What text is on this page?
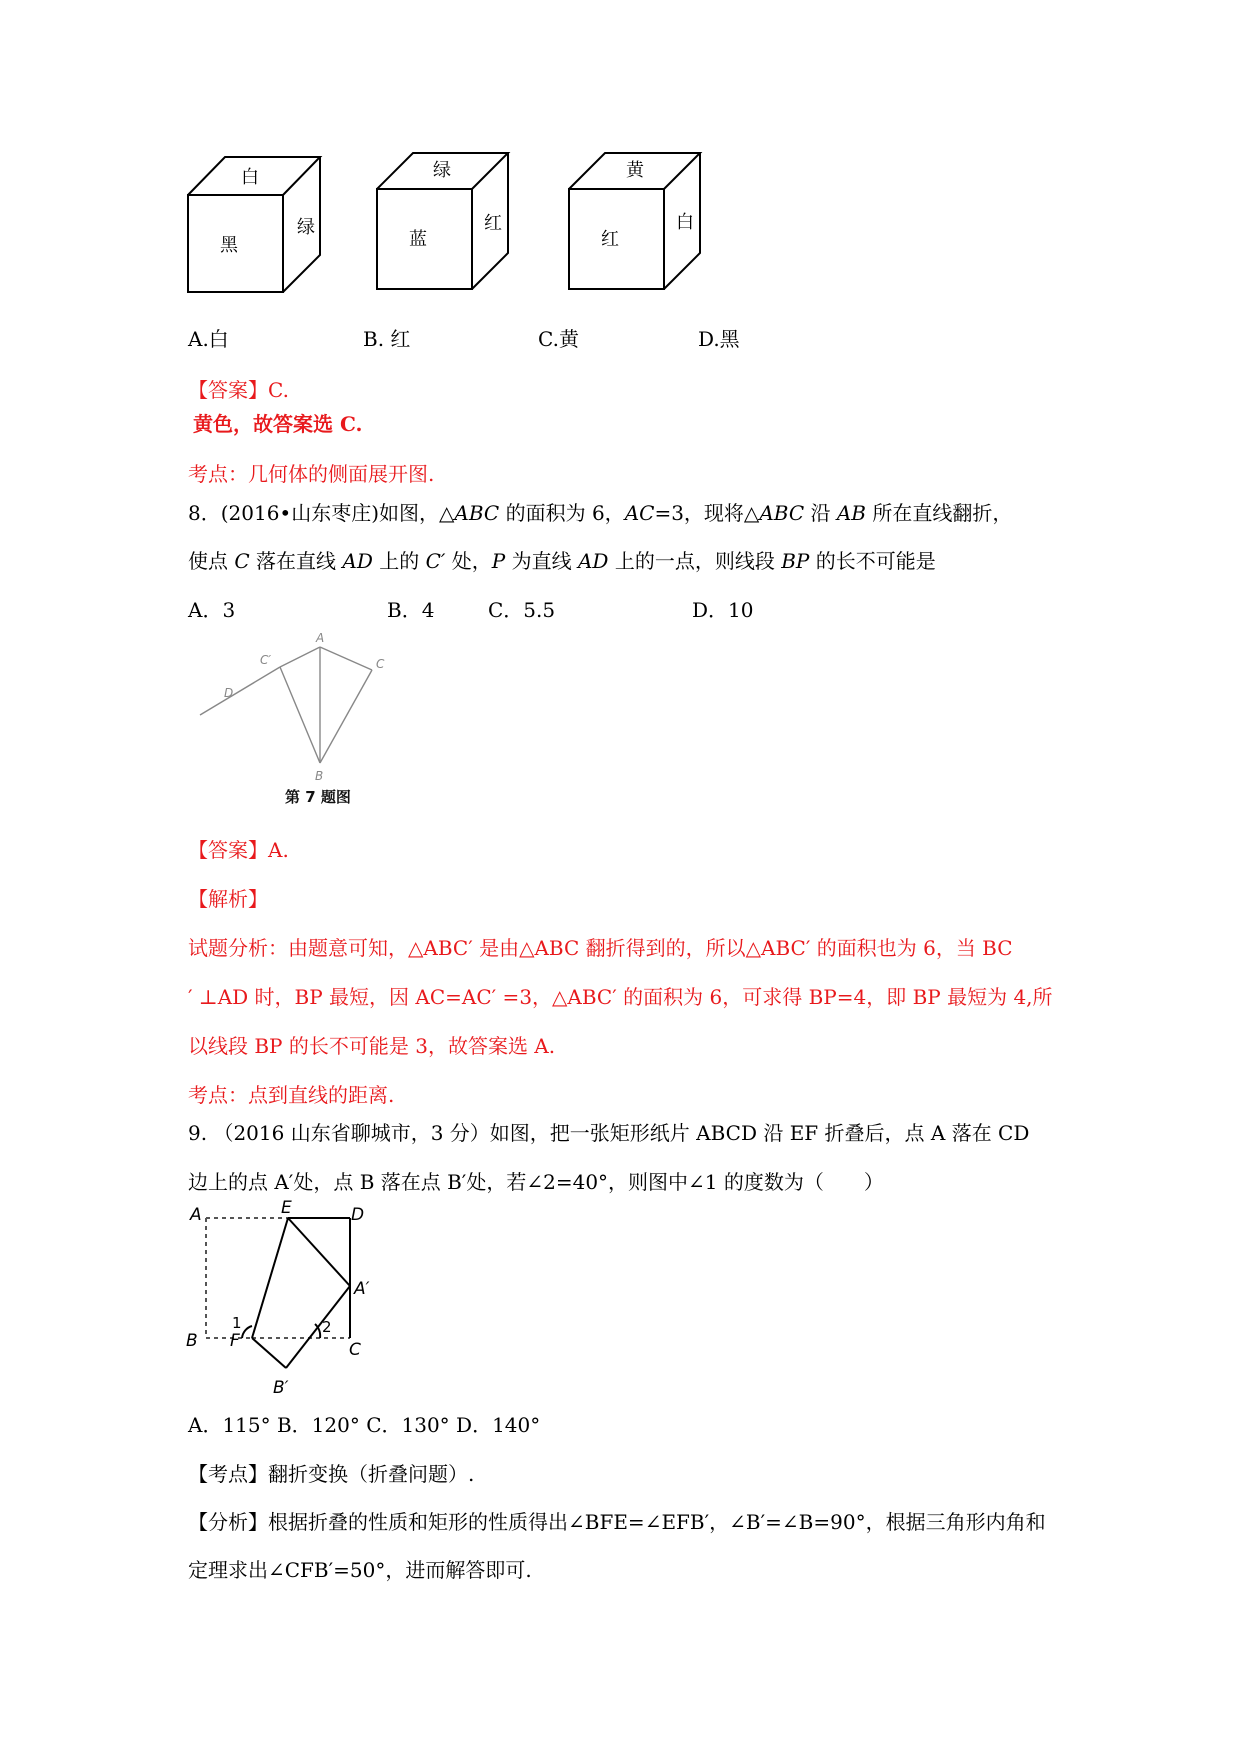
白
黑
绿
绿
蓝
红
黄
红
白
A.白	B. 红	C.黄	D.黑
【答案】C.
黄色，故答案选 C.
考点：几何体的侧面展开图.
8．(2016•山东枣庄)如图，△ABC 的面积为 6，AC=3，现将△ABC 沿 AB 所在直线翻折，
使点 C 落在直线 AD 上的 C′ 处，P 为直线 AD 上的一点，则线段 BP 的长不可能是
A．3	B．4	C．5.5	D．10
A
C′	C
D
B
第 7 题图
【答案】A.
【解析】
试题分析：由题意可知，△ABC′ 是由△ABC 翻折得到的，所以△ABC′ 的面积也为 6，当 BC
′ ⊥AD 时，BP 最短，因 AC=AC′ =3，△ABC′ 的面积为 6，可求得 BP=4，即 BP 最短为 4,所
以线段 BP 的长不可能是 3，故答案选 A.
考点：点到直线的距离.
9. （2016 山东省聊城市，3 分）如图，把一张矩形纸片 ABCD 沿 EF 折叠后，点 A 落在 CD
边上的点 A′处，点 B 落在点 B′处，若∠2=40°，则图中∠1 的度数为（　　）
A	E	D
A′
B F	C
B′
1	2
A．115° B．120° C．130° D．140°
【考点】翻折变换（折叠问题）.
【分析】根据折叠的性质和矩形的性质得出∠BFE=∠EFB′，∠B′=∠B=90°，根据三角形内角和
定理求出∠CFB′=50°，进而解答即可.
